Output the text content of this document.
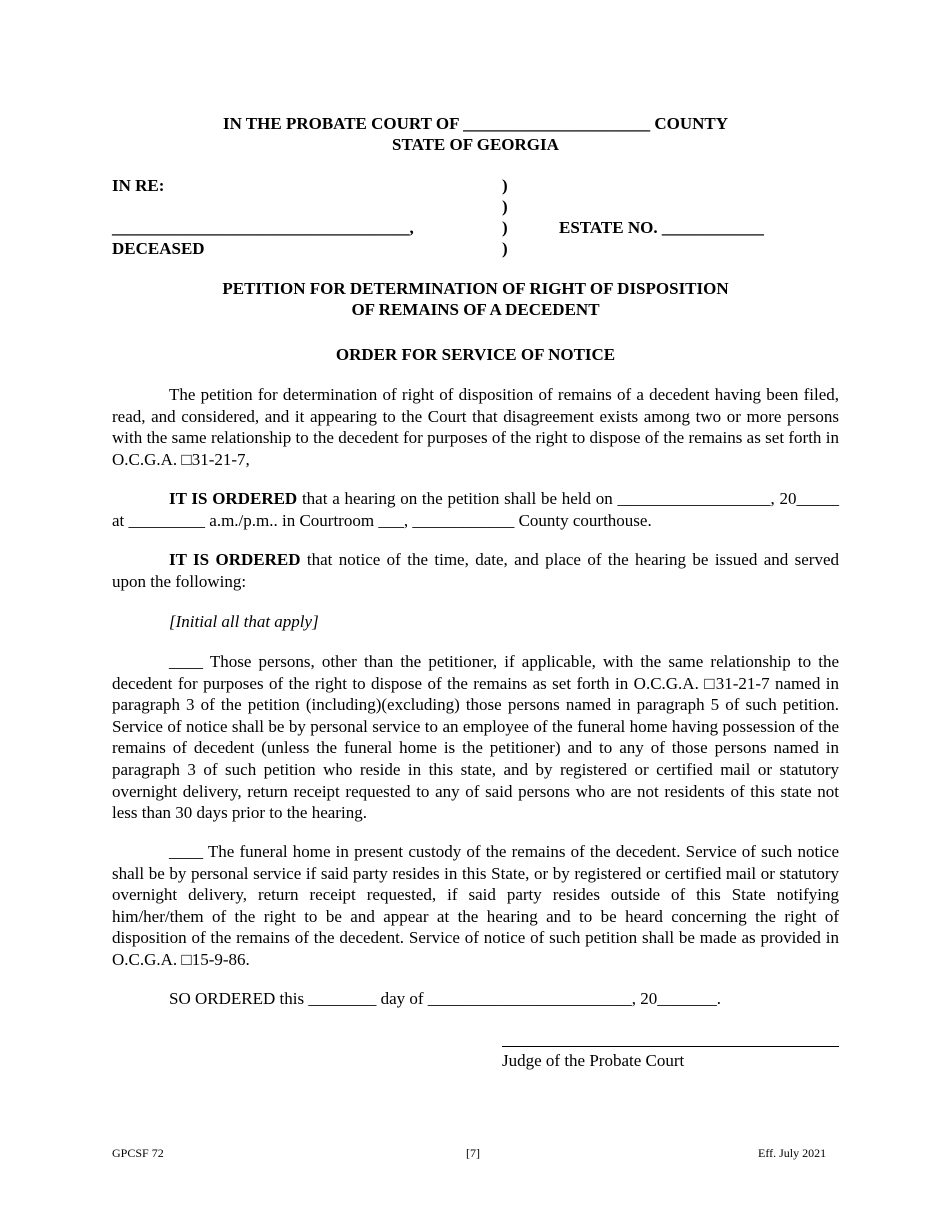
IN THE PROBATE COURT OF ______________________ COUNTY
STATE OF GEORGIA
IN RE:
___________________________________,
DECEASED
)
)
)
)
ESTATE NO. ____________
PETITION FOR DETERMINATION OF RIGHT OF DISPOSITION
OF REMAINS OF A DECEDENT
ORDER FOR SERVICE OF NOTICE

The petition for determination of right of disposition of remains of a decedent having been filed, read, and considered, and it appearing to the Court that disagreement exists among two or more persons with the same relationship to the decedent for purposes of the right to dispose of the remains as set forth in O.C.G.A. □31-21-7,

IT IS ORDERED that a hearing on the petition shall be held on __________________, 20_____ at _________ a.m./p.m.. in Courtroom ___, ____________ County courthouse.

IT IS ORDERED that notice of the time, date, and place of the hearing be issued and served upon the following:

[Initial all that apply]

____ Those persons, other than the petitioner, if applicable, with the same relationship to the decedent for purposes of the right to dispose of the remains as set forth in O.C.G.A. □31-21-7 named in paragraph 3 of the petition (including)(excluding) those persons named in paragraph 5 of such petition. Service of notice shall be by personal service to an employee of the funeral home having possession of the remains of decedent (unless the funeral home is the petitioner) and to any of those persons named in paragraph 3 of such petition who reside in this state, and by registered or certified mail or statutory overnight delivery, return receipt requested to any of said persons who are not residents of this state not less than 30 days prior to the hearing.

____ The funeral home in present custody of the remains of the decedent. Service of such notice shall be by personal service if said party resides in this State, or by registered or certified mail or statutory overnight delivery, return receipt requested, if said party resides outside of this State notifying him/her/them of the right to be and appear at the hearing and to be heard concerning the right of disposition of the remains of the decedent. Service of notice of such petition shall be made as provided in O.C.G.A. □15-9-86.

SO ORDERED this ________ day of ________________________, 20_______.

Judge of the Probate Court
GPCSF 72	[7]	Eff. July 2021
